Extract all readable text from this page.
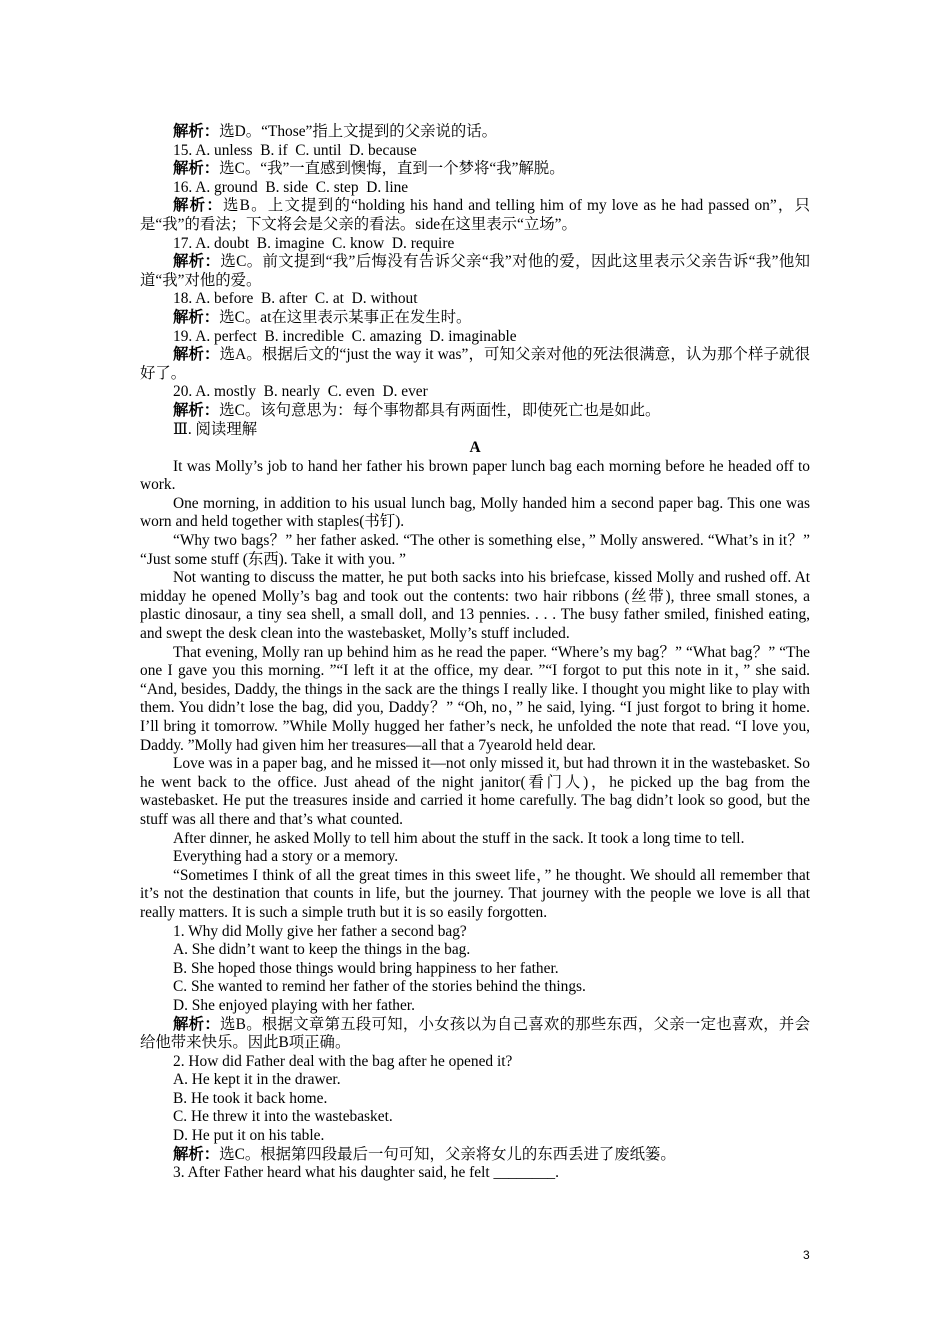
解析：选D。“Those”指上文提到的父亲说的话。

15. A. unless  B. if  C. until  D. because

解析：选C。“我”一直感到懊悔，直到一个梦将“我”解脱。

16. A. ground  B. side  C. step  D. line

解析：选B。上文提到的“holding his hand and telling him of my love as he had passed on”，只是“我”的看法；下文将会是父亲的看法。side在这里表示“立场”。

17. A. doubt  B. imagine  C. know  D. require

解析：选C。前文提到“我”后悔没有告诉父亲“我”对他的爱，因此这里表示父亲告诉“我”他知道“我”对他的爱。

18. A. before  B. after  C. at  D. without

解析：选C。at在这里表示某事正在发生时。

19. A. perfect  B. incredible  C. amazing  D. imaginable

解析：选A。根据后文的“just the way it was”，可知父亲对他的死法很满意，认为那个样子就很好了。

20. A. mostly  B. nearly  C. even  D. ever

解析：选C。该句意思为：每个事物都具有两面性，即使死亡也是如此。

Ⅲ. 阅读理解

A

It was Molly’s job to hand her father his brown paper lunch bag each morning before he headed off to work.

One morning, in addition to his usual lunch bag, Molly handed him a second paper bag. This one was worn and held together with staples(书钉).

“Why two bags？” her father asked. “The other is something else，” Molly answered. “What’s in it？” “Just some stuff (东西). Take it with you. ”

Not wanting to discuss the matter, he put both sacks into his briefcase, kissed Molly and rushed off. At midday he opened Molly’s bag and took out the contents: two hair ribbons (丝带), three small stones, a plastic dinosaur, a tiny sea shell, a small doll, and 13 pennies. . . . The busy father smiled, finished eating, and swept the desk clean into the wastebasket, Molly’s stuff included.

That evening, Molly ran up behind him as he read the paper. “Where’s my bag？” “What bag？” “The one I gave you this morning. ”“I left it at the office, my dear. ”“I forgot to put this note in it，” she said. “And, besides, Daddy, the things in the sack are the things I really like. I thought you might like to play with them. You didn’t lose the bag, did you, Daddy？” “Oh, no，” he said, lying. “I just forgot to bring it home. I’ll bring it tomorrow. ”While Molly hugged her father’s neck, he unfolded the note that read. “I love you, Daddy. ”Molly had given him her treasures—all that a 7yearold held dear.

Love was in a paper bag, and he missed it—not only missed it, but had thrown it in the wastebasket. So he went back to the office. Just ahead of the night janitor(看门人)，he picked up the bag from the wastebasket. He put the treasures inside and carried it home carefully. The bag didn’t look so good, but the stuff was all there and that’s what counted.

After dinner, he asked Molly to tell him about the stuff in the sack. It took a long time to tell.

Everything had a story or a memory.

“Sometimes I think of all the great times in this sweet life，” he thought. We should all remember that it’s not the destination that counts in life, but the journey. That journey with the people we love is all that really matters. It is such a simple truth but it is so easily forgotten.

1. Why did Molly give her father a second bag?

A. She didn’t want to keep the things in the bag.

B. She hoped those things would bring happiness to her father.

C. She wanted to remind her father of the stories behind the things.

D. She enjoyed playing with her father.

解析：选B。根据文章第五段可知，小女孩以为自己喜欢的那些东西，父亲一定也喜欢，并会给他带来快乐。因此B项正确。

2. How did Father deal with the bag after he opened it?

A. He kept it in the drawer.

B. He took it back home.

C. He threw it into the wastebasket.

D. He put it on his table.

解析：选C。根据第四段最后一句可知，父亲将女儿的东西丢进了废纸篓。

3. After Father heard what his daughter said, he felt ________.

3
